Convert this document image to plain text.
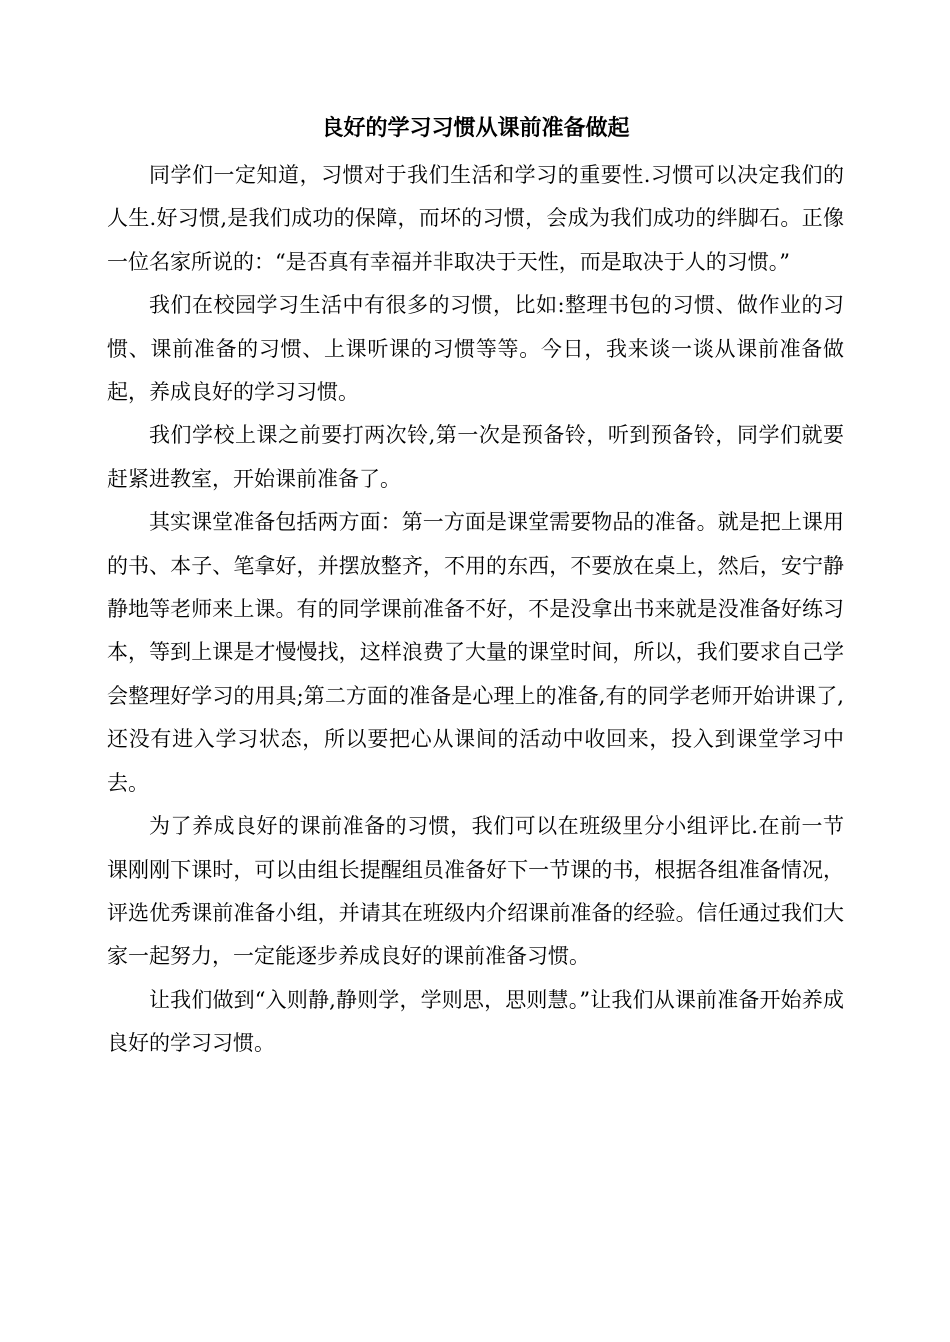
良好的学习习惯从课前准备做起

同学们一定知道，习惯对于我们生活和学习的重要性.习惯可以决定我们的人生.好习惯,是我们成功的保障，而坏的习惯，会成为我们成功的绊脚石。正像一位名家所说的：“是否真有幸福并非取决于天性，而是取决于人的习惯。”

我们在校园学习生活中有很多的习惯，比如:整理书包的习惯、做作业的习惯、课前准备的习惯、上课听课的习惯等等。今日，我来谈一谈从课前准备做起，养成良好的学习习惯。

我们学校上课之前要打两次铃,第一次是预备铃，听到预备铃，同学们就要赶紧进教室，开始课前准备了。

其实课堂准备包括两方面：第一方面是课堂需要物品的准备。就是把上课用的书、本子、笔拿好，并摆放整齐，不用的东西，不要放在桌上，然后，安宁静静地等老师来上课。有的同学课前准备不好，不是没拿出书来就是没准备好练习本，等到上课是才慢慢找，这样浪费了大量的课堂时间，所以，我们要求自己学会整理好学习的用具;第二方面的准备是心理上的准备,有的同学老师开始讲课了,还没有进入学习状态，所以要把心从课间的活动中收回来，投入到课堂学习中去。

为了养成良好的课前准备的习惯，我们可以在班级里分小组评比.在前一节课刚刚下课时，可以由组长提醒组员准备好下一节课的书，根据各组准备情况，评选优秀课前准备小组，并请其在班级内介绍课前准备的经验。信任通过我们大家一起努力，一定能逐步养成良好的课前准备习惯。

让我们做到“入则静,静则学，学则思，思则慧。”让我们从课前准备开始养成良好的学习习惯。
